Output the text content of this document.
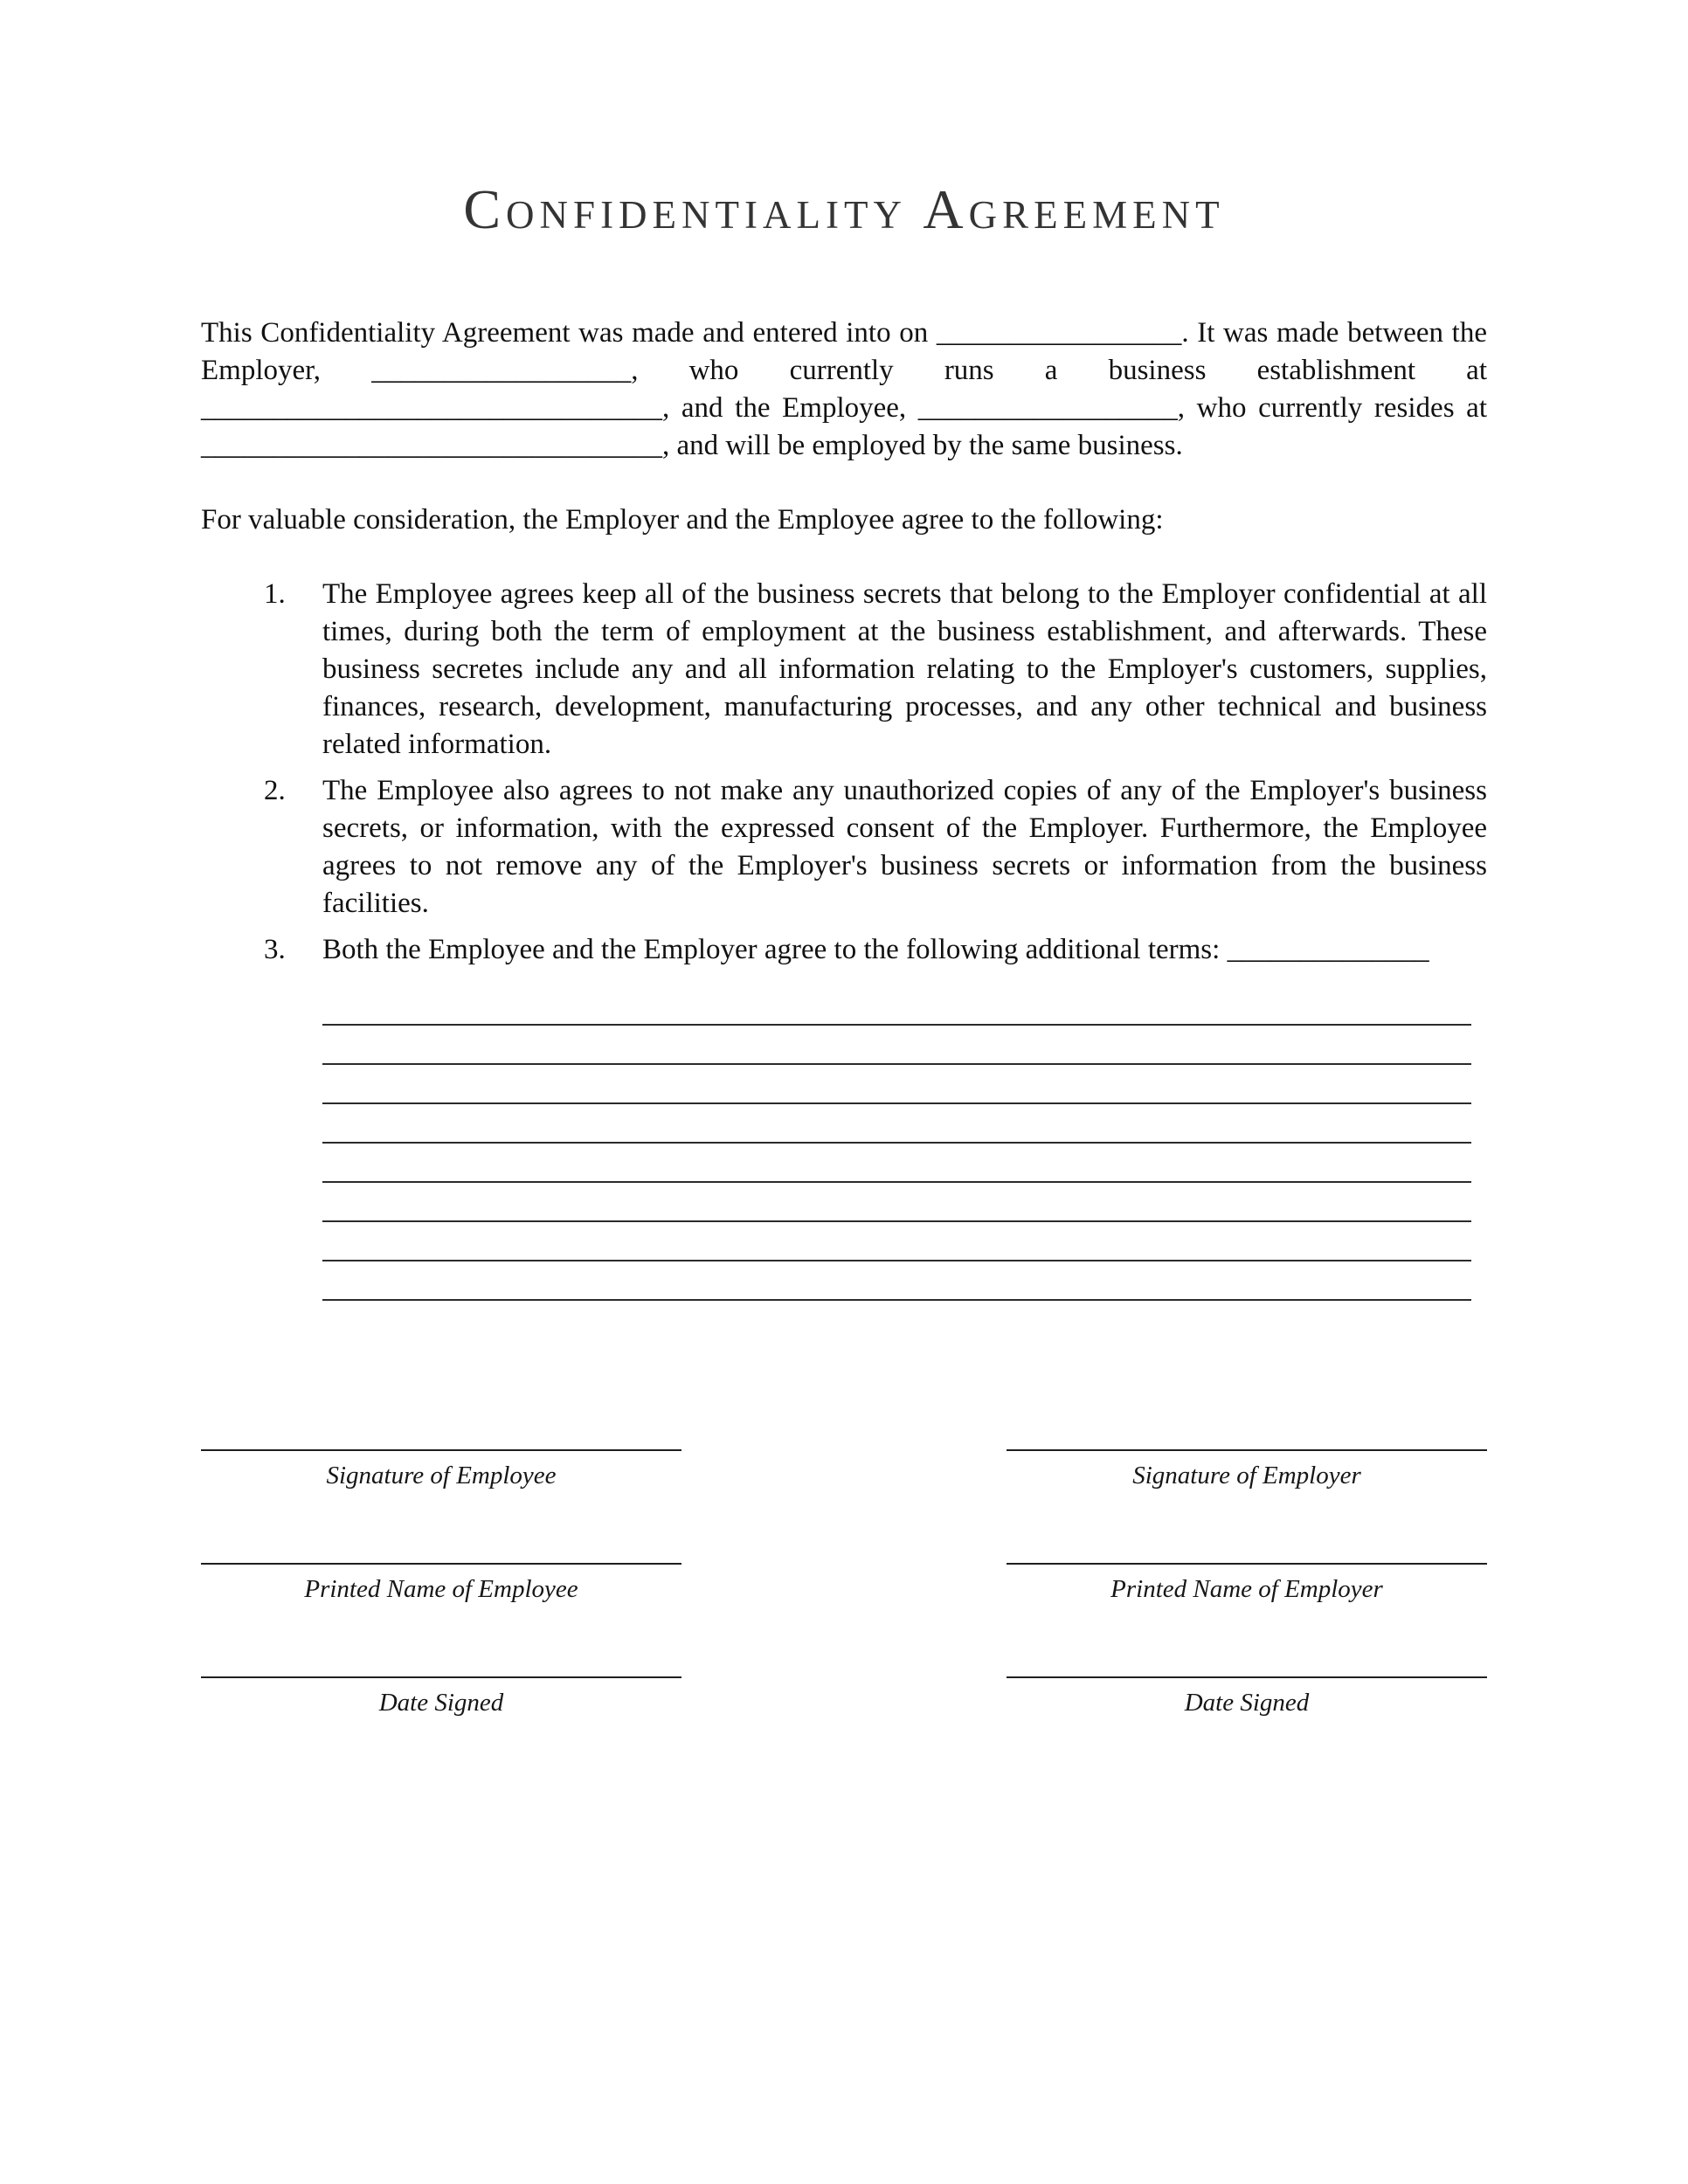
Confidentiality Agreement

This Confidentiality Agreement was made and entered into on _________________. It was made between the Employer, __________________, who currently runs a business establishment at ________________________________, and the Employee, __________________, who currently resides at ________________________________, and will be employed by the same business.

For valuable consideration, the Employer and the Employee agree to the following:

1.	The Employee agrees keep all of the business secrets that belong to the Employer confidential at all times, during both the term of employment at the business establishment, and afterwards. These business secretes include any and all information relating to the Employer's customers, supplies, finances, research, development, manufacturing processes, and any other technical and business related information.
2.	The Employee also agrees to not make any unauthorized copies of any of the Employer's business secrets, or information, with the expressed consent of the Employer. Furthermore, the Employee agrees to not remove any of the Employer's business secrets or information from the business facilities.
3.	Both the Employee and the Employer agree to the following additional terms: ______________
Signature of Employee
Printed Name of Employee
Date Signed
Signature of Employer
Printed Name of Employer
Date Signed
